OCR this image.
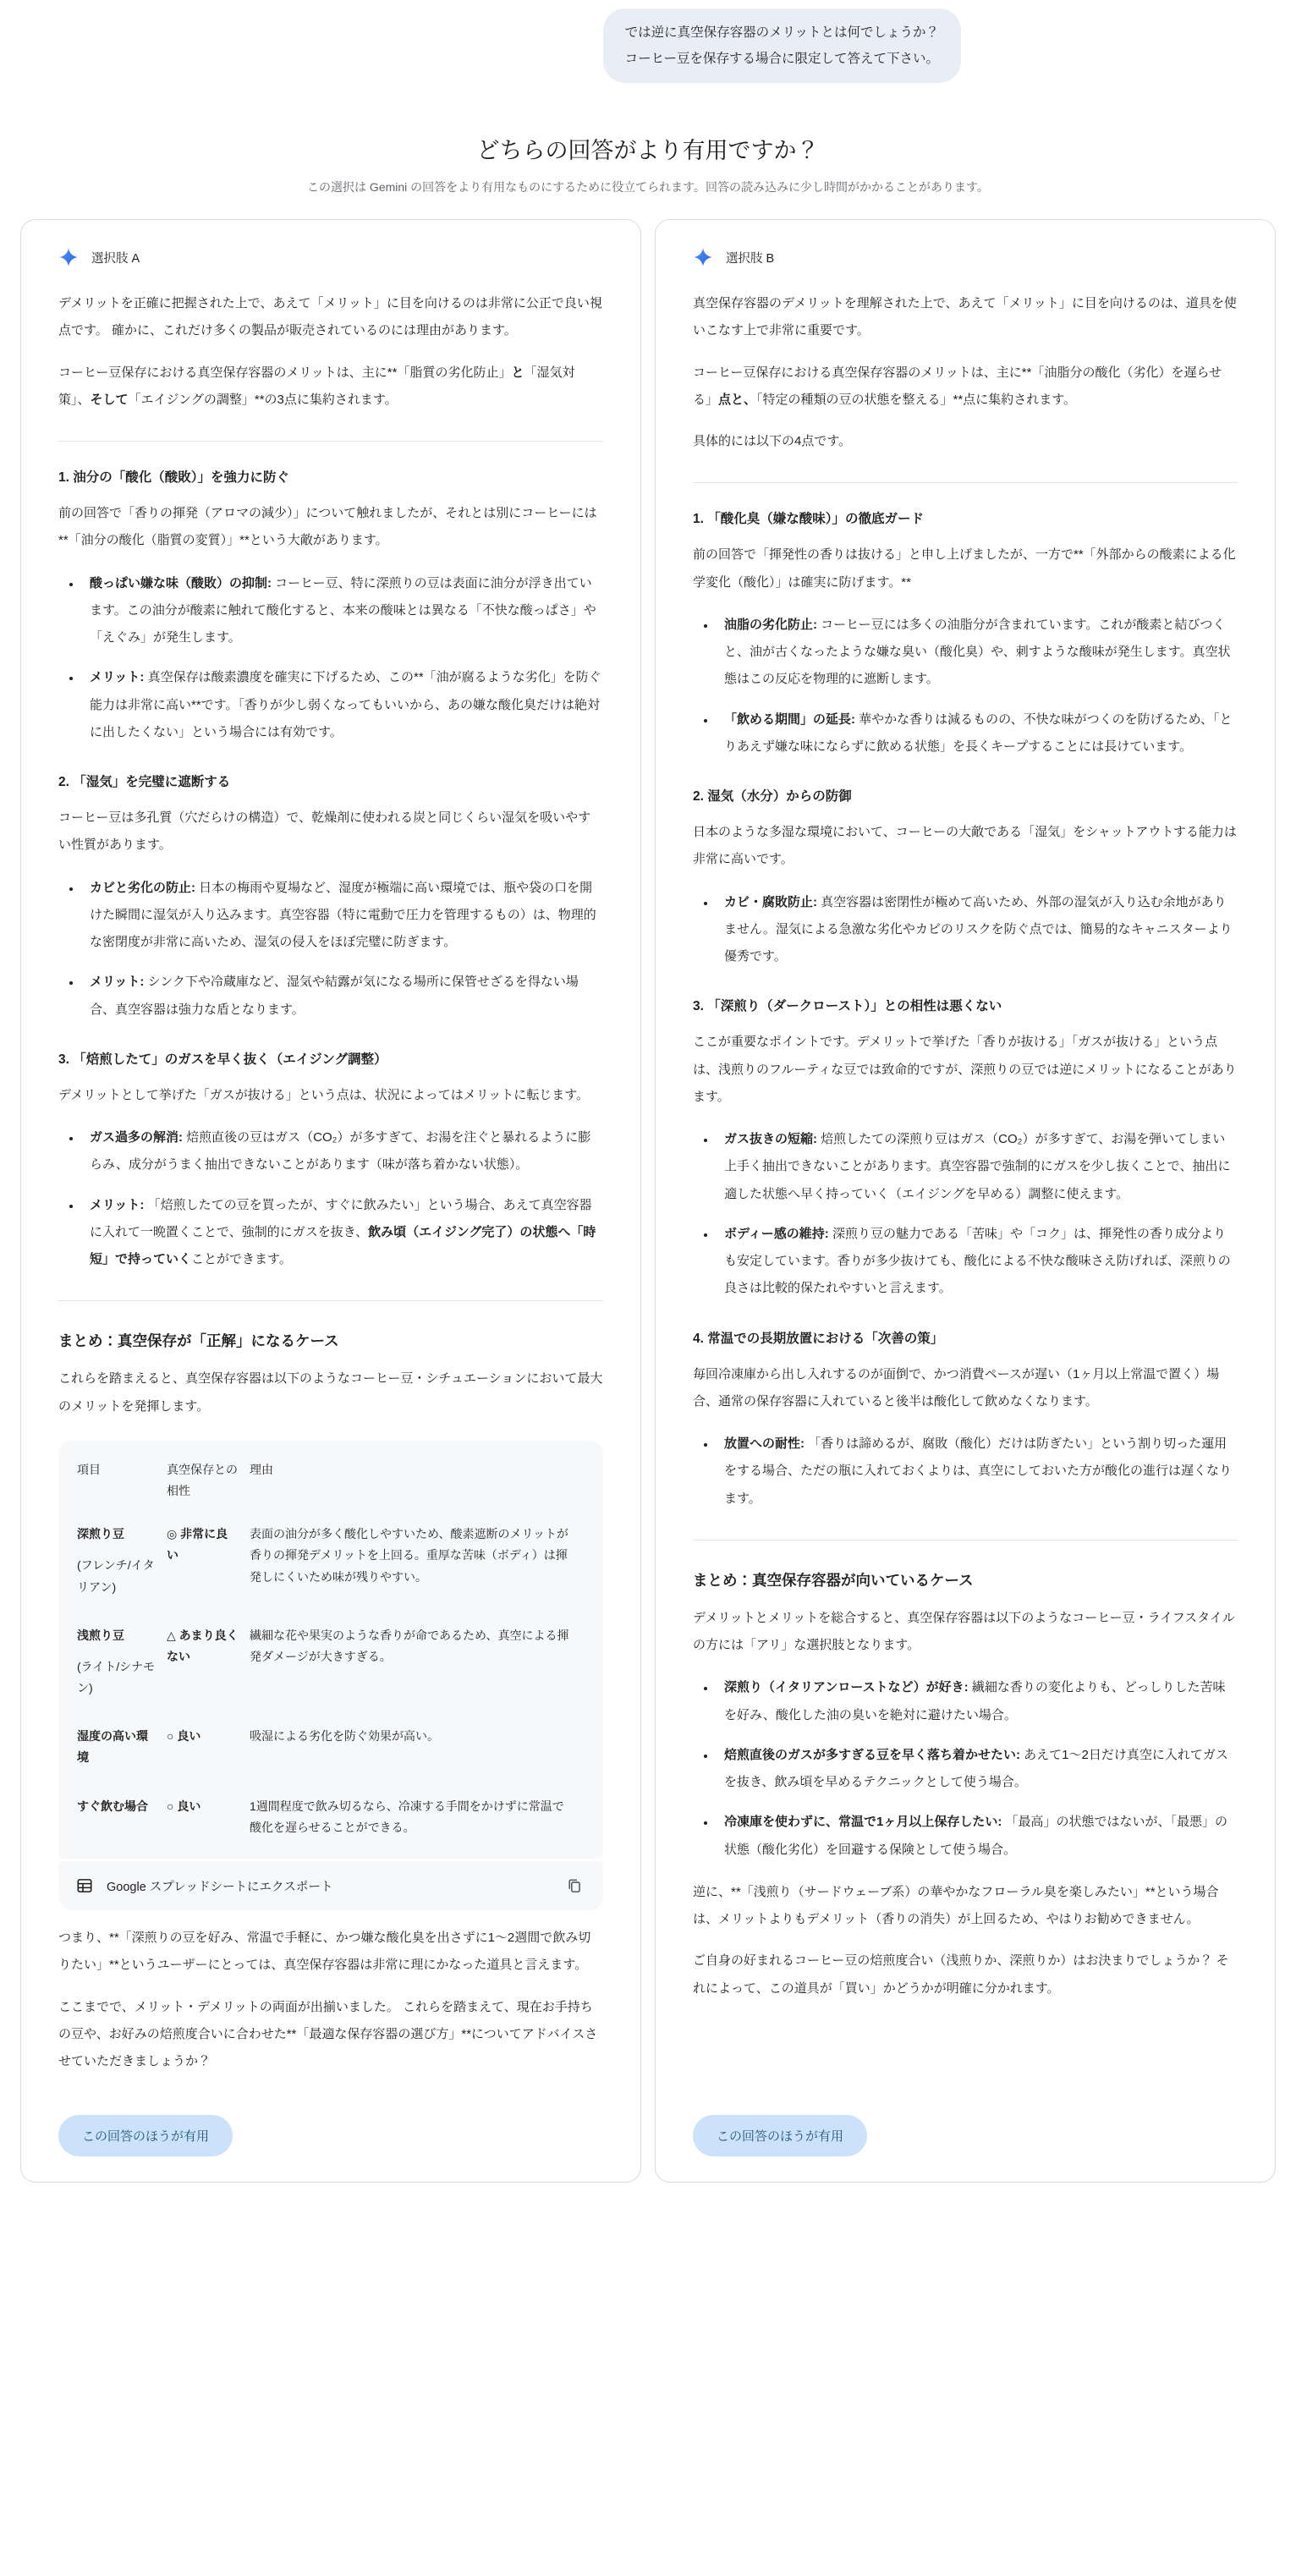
では逆に真空保存容器のメリットとは何でしょうか？
コーヒー豆を保存する場合に限定して答えて下さい。
どちらの回答がより有用ですか？

この選択は Gemini の回答をより有用なものにするために役立てられます。回答の読み込みに少し時間がかかることがあります。

選択肢 A

デメリットを正確に把握された上で、あえて「メリット」に目を向けるのは非常に公正で良い視点です。 確かに、これだけ多くの製品が販売されているのには理由があります。

コーヒー豆保存における真空保存容器のメリットは、主に**「脂質の劣化防止」と「湿気対策」、そして「エイジングの調整」**の3点に集約されます。

1. 油分の「酸化（酸敗）」を強力に防ぐ

前の回答で「香りの揮発（アロマの減少）」について触れましたが、それとは別にコーヒーには**「油分の酸化（脂質の変質）」**という大敵があります。

• 酸っぱい嫌な味（酸敗）の抑制: コーヒー豆、特に深煎りの豆は表面に油分が浮き出ています。この油分が酸素に触れて酸化すると、本来の酸味とは異なる「不快な酸っぱさ」や「えぐみ」が発生します。
• メリット: 真空保存は酸素濃度を確実に下げるため、この**「油が腐るような劣化」を防ぐ能力は非常に高い**です。「香りが少し弱くなってもいいから、あの嫌な酸化臭だけは絶対に出したくない」という場合には有効です。
2. 「湿気」を完璧に遮断する

コーヒー豆は多孔質（穴だらけの構造）で、乾燥剤に使われる炭と同じくらい湿気を吸いやすい性質があります。

• カビと劣化の防止: 日本の梅雨や夏場など、湿度が極端に高い環境では、瓶や袋の口を開けた瞬間に湿気が入り込みます。真空容器（特に電動で圧力を管理するもの）は、物理的な密閉度が非常に高いため、湿気の侵入をほぼ完璧に防ぎます。
• メリット: シンク下や冷蔵庫など、湿気や結露が気になる場所に保管せざるを得ない場合、真空容器は強力な盾となります。
3. 「焙煎したて」のガスを早く抜く（エイジング調整）

デメリットとして挙げた「ガスが抜ける」という点は、状況によってはメリットに転じます。

• ガス過多の解消: 焙煎直後の豆はガス（CO₂）が多すぎて、お湯を注ぐと暴れるように膨らみ、成分がうまく抽出できないことがあります（味が落ち着かない状態）。
• メリット: 「焙煎したての豆を買ったが、すぐに飲みたい」という場合、あえて真空容器に入れて一晩置くことで、強制的にガスを抜き、飲み頃（エイジング完了）の状態へ「時短」で持っていくことができます。
まとめ：真空保存が「正解」になるケース

これらを踏まえると、真空保存容器は以下のようなコーヒー豆・シチュエーションにおいて最大のメリットを発揮します。

項目	真空保存との相性	理由

深煎り豆
(フレンチ/イタリアン)	◎ 非常に良い	表面の油分が多く酸化しやすいため、酸素遮断のメリットが香りの揮発デメリットを上回る。重厚な苦味（ボディ）は揮発しにくいため味が残りやすい。

浅煎り豆
(ライト/シナモン)	△ あまり良くない	繊細な花や果実のような香りが命であるため、真空による揮発ダメージが大きすぎる。

湿度の高い環境	○ 良い	吸湿による劣化を防ぐ効果が高い。

すぐ飲む場合	○ 良い	1週間程度で飲み切るなら、冷凍する手間をかけずに常温で酸化を遅らせることができる。
Google スプレッドシートにエクスポート

つまり、**「深煎りの豆を好み、常温で手軽に、かつ嫌な酸化臭を出さずに1～2週間で飲み切りたい」**というユーザーにとっては、真空保存容器は非常に理にかなった道具と言えます。

ここまでで、メリット・デメリットの両面が出揃いました。 これらを踏まえて、現在お手持ちの豆や、お好みの焙煎度合いに合わせた**「最適な保存容器の選び方」**についてアドバイスさせていただきましょうか？

この回答のほうが有用
選択肢 B

真空保存容器のデメリットを理解された上で、あえて「メリット」に目を向けるのは、道具を使いこなす上で非常に重要です。

コーヒー豆保存における真空保存容器のメリットは、主に**「油脂分の酸化（劣化）を遅らせる」点と、「特定の種類の豆の状態を整える」**点に集約されます。

具体的には以下の4点です。

1. 「酸化臭（嫌な酸味）」の徹底ガード

前の回答で「揮発性の香りは抜ける」と申し上げましたが、一方で**「外部からの酸素による化学変化（酸化）」は確実に防げます。**

• 油脂の劣化防止: コーヒー豆には多くの油脂分が含まれています。これが酸素と結びつくと、油が古くなったような嫌な臭い（酸化臭）や、刺すような酸味が発生します。真空状態はこの反応を物理的に遮断します。
• 「飲める期間」の延長: 華やかな香りは減るものの、不快な味がつくのを防げるため、「とりあえず嫌な味にならずに飲める状態」を長くキープすることには長けています。
2. 湿気（水分）からの防御

日本のような多湿な環境において、コーヒーの大敵である「湿気」をシャットアウトする能力は非常に高いです。

• カビ・腐敗防止: 真空容器は密閉性が極めて高いため、外部の湿気が入り込む余地がありません。湿気による急激な劣化やカビのリスクを防ぐ点では、簡易的なキャニスターより優秀です。
3. 「深煎り（ダークロースト）」との相性は悪くない

ここが重要なポイントです。デメリットで挙げた「香りが抜ける」「ガスが抜ける」という点は、浅煎りのフルーティな豆では致命的ですが、深煎りの豆では逆にメリットになることがあります。

• ガス抜きの短縮: 焙煎したての深煎り豆はガス（CO₂）が多すぎて、お湯を弾いてしまい上手く抽出できないことがあります。真空容器で強制的にガスを少し抜くことで、抽出に適した状態へ早く持っていく（エイジングを早める）調整に使えます。
• ボディー感の維持: 深煎り豆の魅力である「苦味」や「コク」は、揮発性の香り成分よりも安定しています。香りが多少抜けても、酸化による不快な酸味さえ防げれば、深煎りの良さは比較的保たれやすいと言えます。
4. 常温での長期放置における「次善の策」

毎回冷凍庫から出し入れするのが面倒で、かつ消費ペースが遅い（1ヶ月以上常温で置く）場合、通常の保存容器に入れていると後半は酸化して飲めなくなります。

• 放置への耐性: 「香りは諦めるが、腐敗（酸化）だけは防ぎたい」という割り切った運用をする場合、ただの瓶に入れておくよりは、真空にしておいた方が酸化の進行は遅くなります。
まとめ：真空保存容器が向いているケース

デメリットとメリットを総合すると、真空保存容器は以下のようなコーヒー豆・ライフスタイルの方には「アリ」な選択肢となります。

• 深煎り（イタリアンローストなど）が好き: 繊細な香りの変化よりも、どっしりした苦味を好み、酸化した油の臭いを絶対に避けたい場合。
• 焙煎直後のガスが多すぎる豆を早く落ち着かせたい: あえて1～2日だけ真空に入れてガスを抜き、飲み頃を早めるテクニックとして使う場合。
• 冷凍庫を使わずに、常温で1ヶ月以上保存したい: 「最高」の状態ではないが、「最悪」の状態（酸化劣化）を回避する保険として使う場合。

逆に、**「浅煎り（サードウェーブ系）の華やかなフローラル臭を楽しみたい」**という場合は、メリットよりもデメリット（香りの消失）が上回るため、やはりお勧めできません。

ご自身の好まれるコーヒー豆の焙煎度合い（浅煎りか、深煎りか）はお決まりでしょうか？ それによって、この道具が「買い」かどうかが明確に分かれます。

この回答のほうが有用
